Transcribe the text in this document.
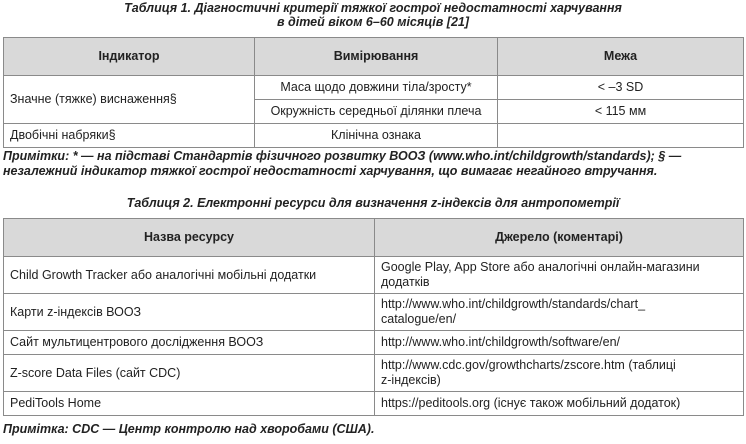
Таблиця 1. Діагностичні критерії тяжкої гострої недостатності харчування
в дітей віком 6–60 місяців [21]
Індикатор	Вимірювання	Межа
Значне (тяжке) виснаження§	Маса щодо довжини тіла/зросту*	< –3 SD
	Окружність середньої ділянки плеча	< 115 мм
Двобічні набряки§	Клінічна ознака	
Примітки: * — на підставі Стандартів фізичного розвитку ВООЗ (www.who.int/childgrowth/standards); § —
незалежний індикатор тяжкої гострої недостатності харчування, що вимагає негайного втручання.
Таблиця 2. Електронні ресурси для визначення z-індексів для антропометрії
Назва ресурсу	Джерело (коментарі)
Child Growth Tracker або аналогічні мобільні додатки	Google Play, App Store або аналогічні онлайн-магазини
додатків

Карти z-індексів ВООЗ	http://www.who.int/childgrowth/standards/chart_
catalogue/en/

Сайт мультицентрового дослідження ВООЗ	http://www.who.int/childgrowth/software/en/
Z-score Data Files (сайт CDC)	http://www.cdc.gov/growthcharts/zscore.htm (таблиці
z-індексів)

PediTools Home	https://peditools.org (існує також мобільний додаток)
Примітка: CDC — Центр контролю над хворобами (США).
